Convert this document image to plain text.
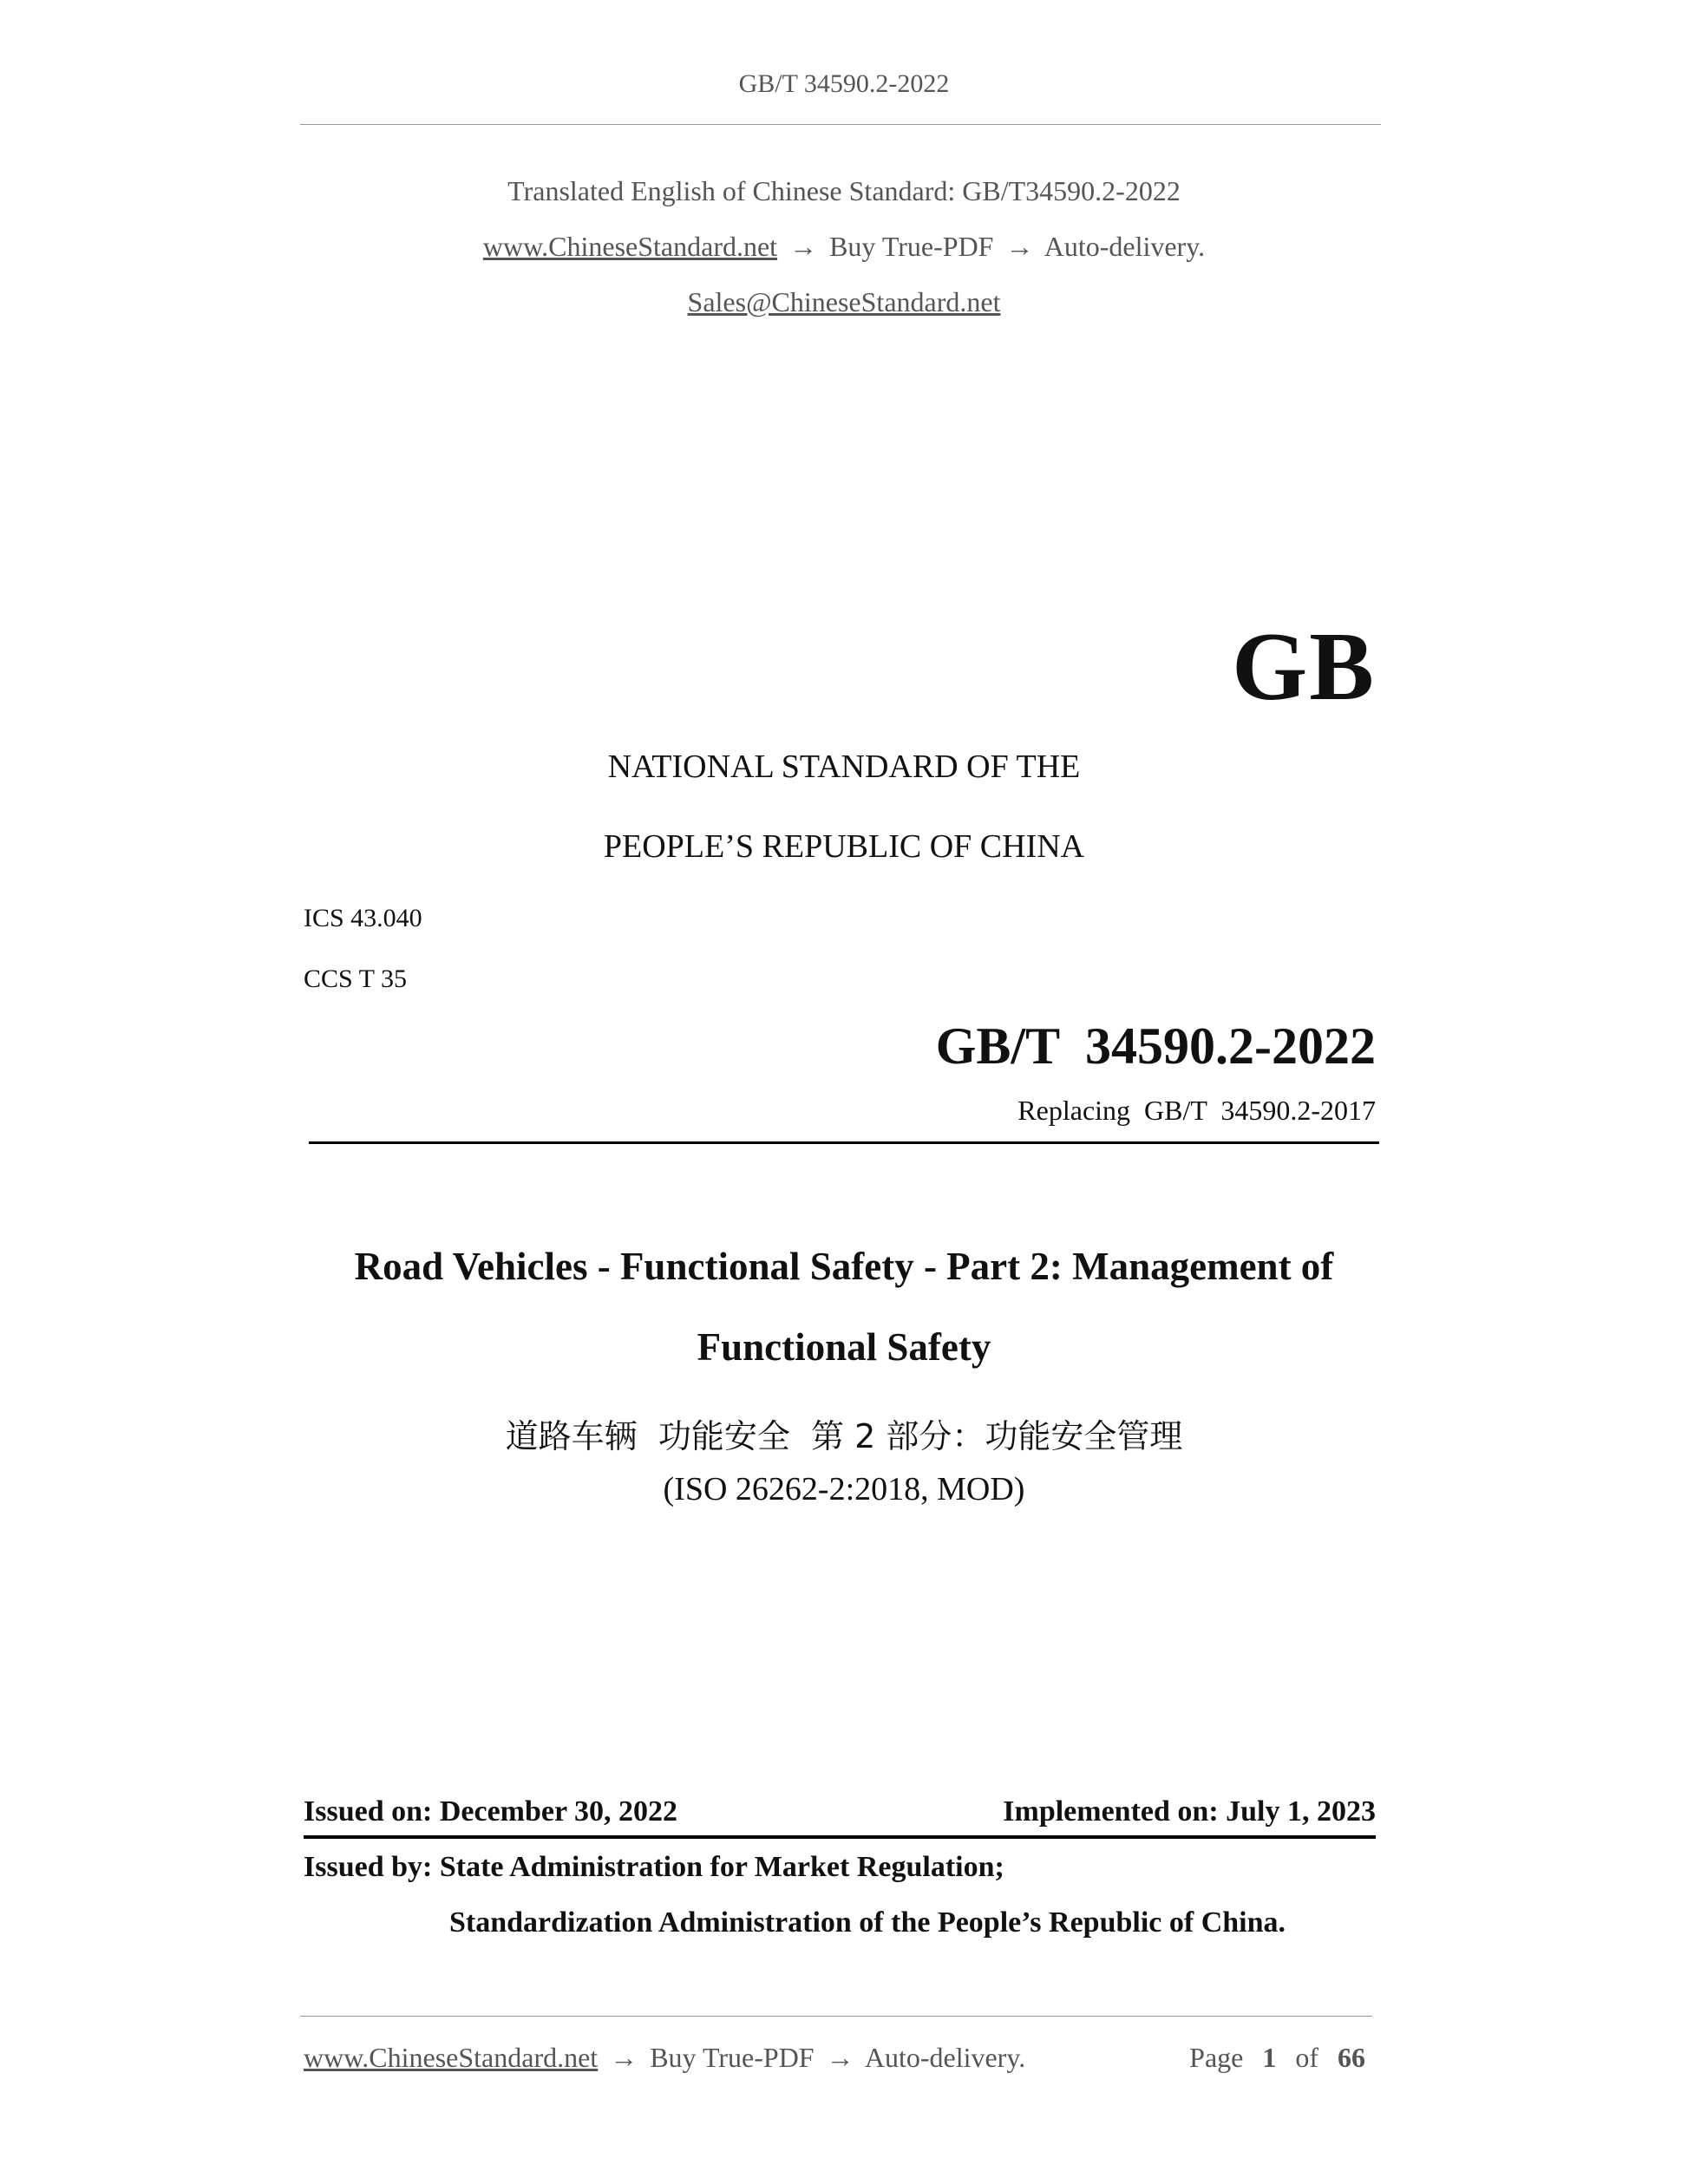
GB/T 34590.2-2022
Translated English of Chinese Standard: GB/T34590.2-2022
www.ChineseStandard.net → Buy True-PDF → Auto-delivery.
Sales@ChineseStandard.net
GB
NATIONAL STANDARD OF THE
PEOPLE’S REPUBLIC OF CHINA
ICS 43.040
CCS T 35
GB/T  34590.2-2022
Replacing  GB/T  34590.2-2017
Road Vehicles - Functional Safety - Part 2: Management of
Functional Safety
道路车辆  功能安全  第 2 部分：功能安全管理
(ISO 26262-2:2018, MOD)
Issued on: December 30, 2022	Implemented on: July 1, 2023
Issued by: State Administration for Market Regulation;
Standardization Administration of the People’s Republic of China.
www.ChineseStandard.net → Buy True-PDF → Auto-delivery.	Page 1 of 66
